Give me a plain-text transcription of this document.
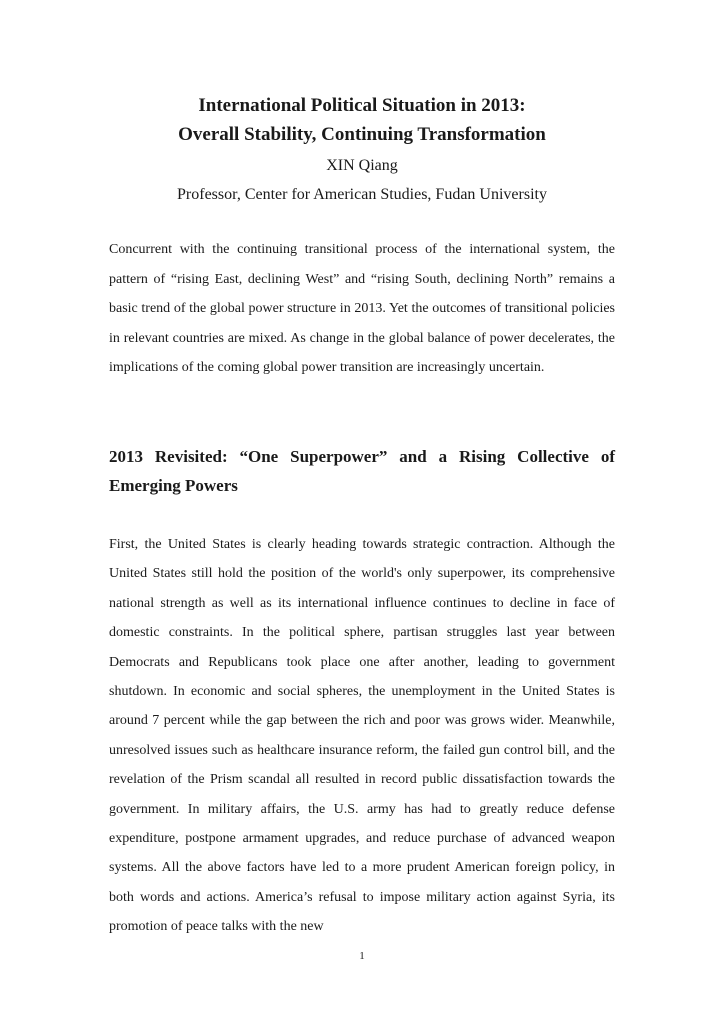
International Political Situation in 2013:
Overall Stability, Continuing Transformation

XIN Qiang

Professor, Center for American Studies, Fudan University

Concurrent with the continuing transitional process of the international system, the pattern of “rising East, declining West” and “rising South, declining North” remains a basic trend of the global power structure in 2013. Yet the outcomes of transitional policies in relevant countries are mixed. As change in the global balance of power decelerates, the implications of the coming global power transition are increasingly uncertain.

2013 Revisited: “One Superpower” and a Rising Collective of Emerging Powers

First, the United States is clearly heading towards strategic contraction. Although the United States still hold the position of the world's only superpower, its comprehensive national strength as well as its international influence continues to decline in face of domestic constraints. In the political sphere, partisan struggles last year between Democrats and Republicans took place one after another, leading to government shutdown. In economic and social spheres, the unemployment in the United States is around 7 percent while the gap between the rich and poor was grows wider. Meanwhile, unresolved issues such as healthcare insurance reform, the failed gun control bill, and the revelation of the Prism scandal all resulted in record public dissatisfaction towards the government. In military affairs, the U.S. army has had to greatly reduce defense expenditure, postpone armament upgrades, and reduce purchase of advanced weapon systems. All the above factors have led to a more prudent American foreign policy, in both words and actions. America’s refusal to impose military action against Syria, its promotion of peace talks with the new

1
